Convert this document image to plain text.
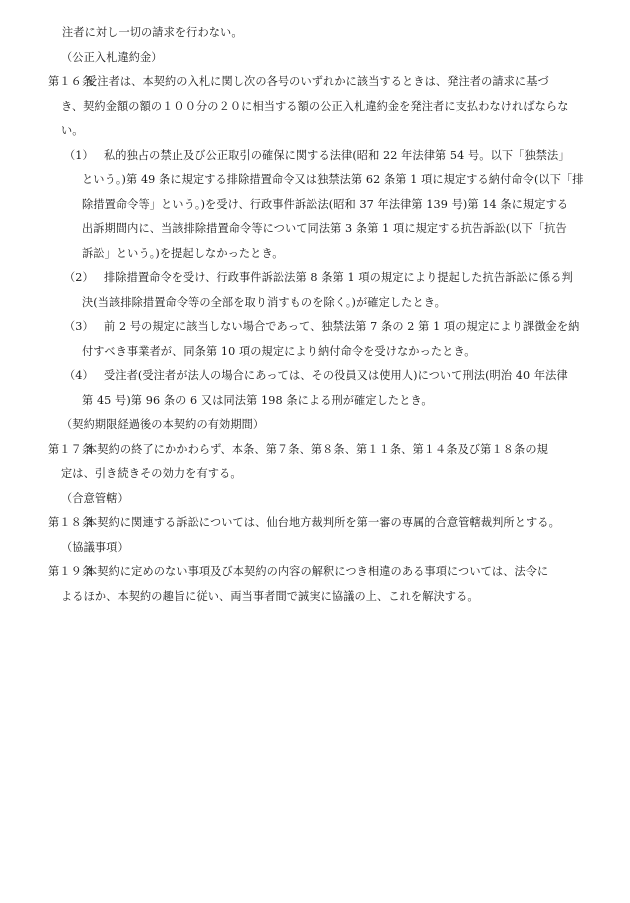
注者に対し一切の請求を行わない。
（公正入札違約金）
第１６条受注者は、本契約の入札に関し次の各号のいずれかに該当するときは、発注者の請求に基づ
き、契約金額の額の１００分の２０に相当する額の公正入札違約金を発注者に支払わなければならな
い。
（1） 私的独占の禁止及び公正取引の確保に関する法律(昭和 22 年法律第 54 号。以下「独禁法」
という。)第 49 条に規定する排除措置命令又は独禁法第 62 条第 1 項に規定する納付命令(以下「排
除措置命令等」という。)を受け、行政事件訴訟法(昭和 37 年法律第 139 号)第 14 条に規定する
出訴期間内に、当該排除措置命令等について同法第 3 条第 1 項に規定する抗告訴訟(以下「抗告
訴訟」という。)を提起しなかったとき。
（2） 排除措置命令を受け、行政事件訴訟法第 8 条第 1 項の規定により提起した抗告訴訟に係る判
決(当該排除措置命令等の全部を取り消すものを除く。)が確定したとき。
（3） 前 2 号の規定に該当しない場合であって、独禁法第 7 条の 2 第 1 項の規定により課徴金を納
付すべき事業者が、同条第 10 項の規定により納付命令を受けなかったとき。
（4） 受注者(受注者が法人の場合にあっては、その役員又は使用人)について刑法(明治 40 年法律
第 45 号)第 96 条の 6 又は同法第 198 条による刑が確定したとき。
（契約期限経過後の本契約の有効期間）
第１７条本契約の終了にかかわらず、本条、第７条、第８条、第１１条、第１４条及び第１８条の規
定は、引き続きその効力を有する。
（合意管轄）
第１８条本契約に関連する訴訟については、仙台地方裁判所を第一審の専属的合意管轄裁判所とする。
（協議事項）
第１９条本契約に定めのない事項及び本契約の内容の解釈につき相違のある事項については、法令に
よるほか、本契約の趣旨に従い、両当事者間で誠実に協議の上、これを解決する。
